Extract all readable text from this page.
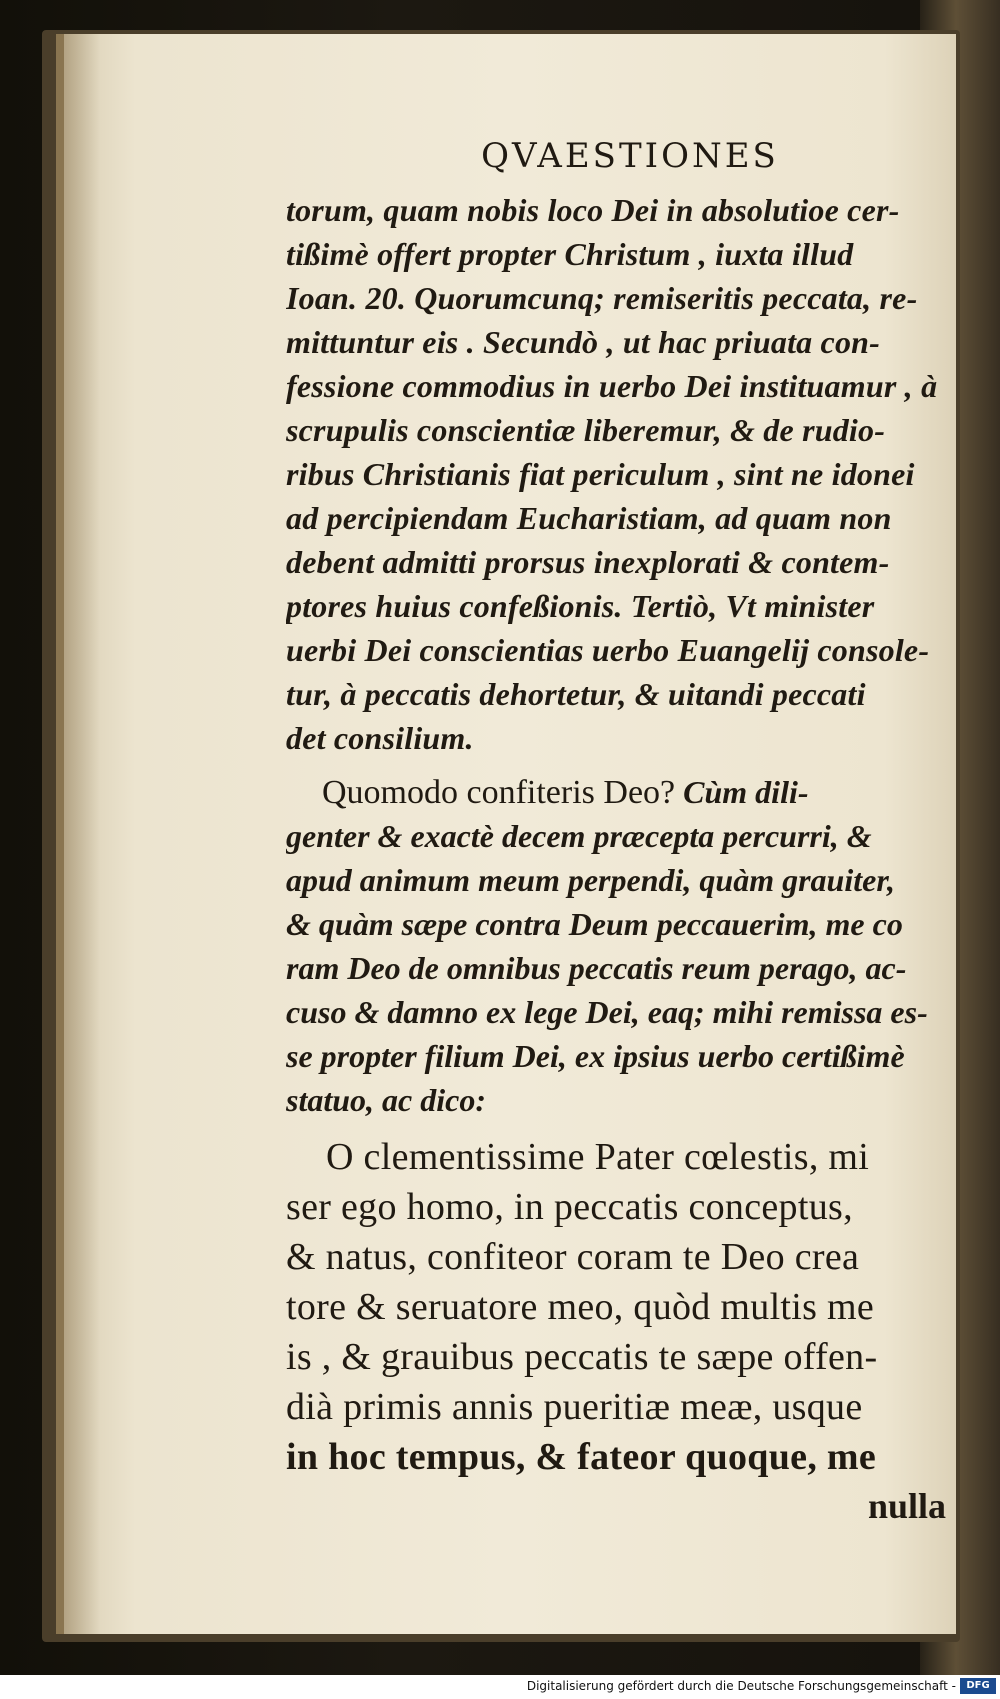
QVAESTIONES
torum, quam nobis loco Dei in absolutioe cer-
tißimè offert propter Christum , iuxta illud
Ioan. 20. Quorumcunq; remiseritis peccata, re-
mittuntur eis . Secundò , ut hac priuata con-
fessione commodius in uerbo Dei instituamur , à
scrupulis conscientiæ liberemur, & de rudio-
ribus Christianis fiat periculum , sint ne idonei
ad percipiendam Eucharistiam, ad quam non
debent admitti prorsus inexplorati & contem-
ptores huius confeßionis. Tertiò, Vt minister
uerbi Dei conscientias uerbo Euangelij console-
tur, à peccatis dehortetur, & uitandi peccati
det consilium.
Quomodo confiteris Deo? Cùm dili-
genter & exactè decem præcepta percurri, &
apud animum meum perpendi, quàm grauiter,
& quàm sæpe contra Deum peccauerim, me co
ram Deo de omnibus peccatis reum perago, ac-
cuso & damno ex lege Dei, eaq; mihi remissa es-
se propter filium Dei, ex ipsius uerbo certißimè
statuo, ac dico:
O clementissime Pater cœlestis, mi
ser ego homo, in peccatis conceptus,
& natus, confiteor coram te Deo crea
tore & seruatore meo, quòd multis me
is , & grauibus peccatis te sæpe offen-
dià primis annis pueritiæ meæ, usque
in hoc tempus, & fateor quoque, me
nulla
Digitalisierung gefördert durch die Deutsche Forschungsgemeinschaft -	DFG
